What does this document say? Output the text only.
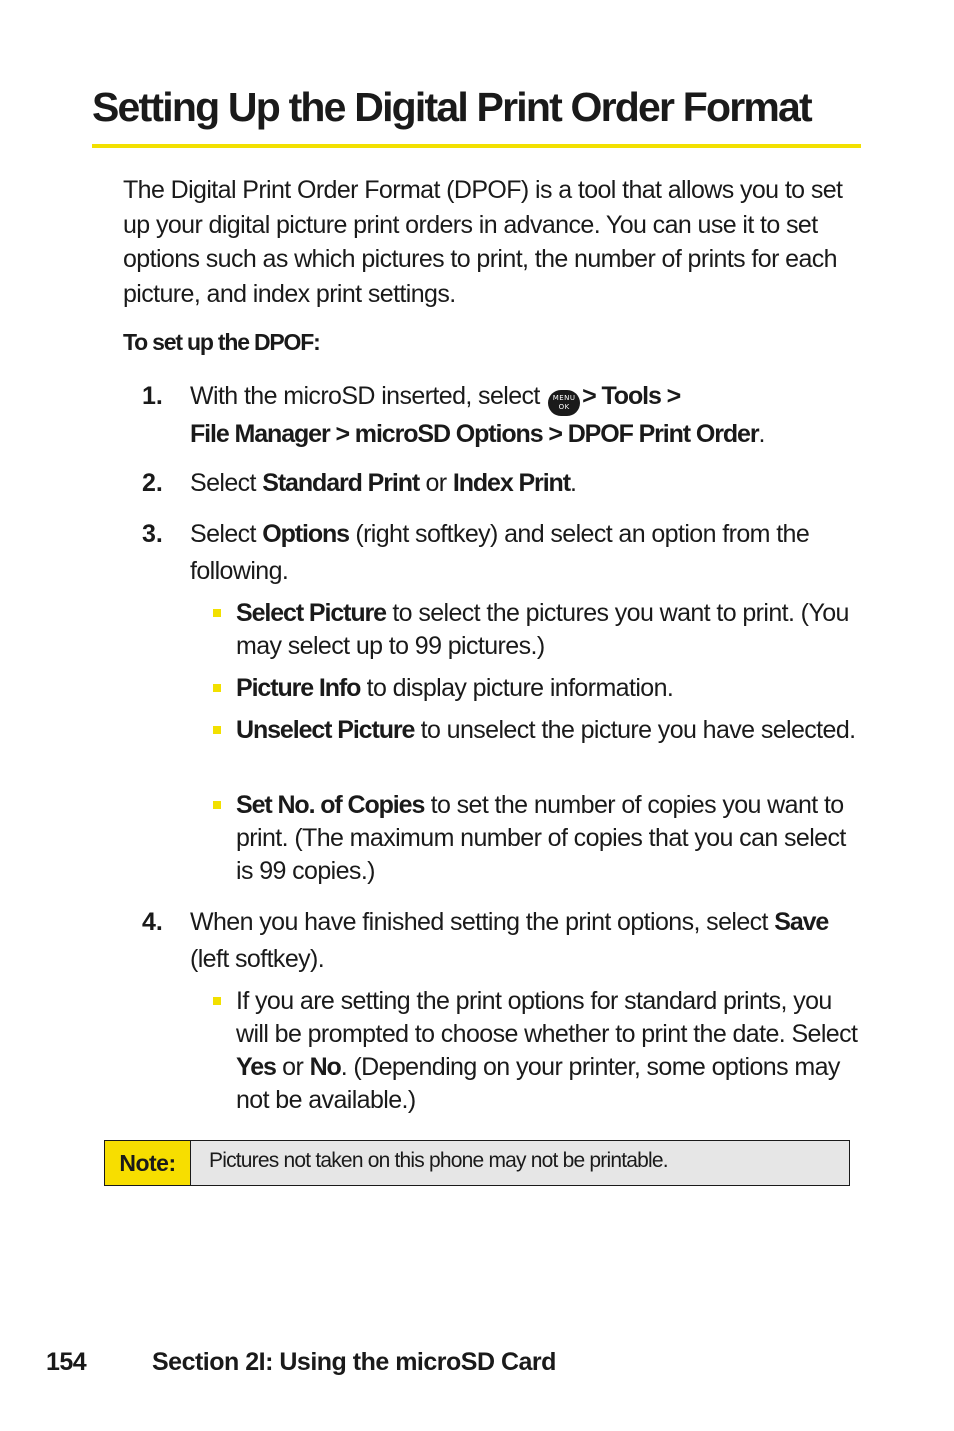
Setting Up the Digital Print Order Format

The Digital Print Order Format (DPOF) is a tool that allows you to set up your digital picture print orders in advance. You can use it to set options such as which pictures to print, the number of prints for each picture, and index print settings.

To set up the DPOF:

1. With the microSD inserted, select	MENU
OK > Tools >
File Manager > microSD Options > DPOF Print Order.
2. Select Standard Print or Index Print.
3. Select Options (right softkey) and select an option from the following.
Select Picture to select the pictures you want to print. (You may select up to 99 pictures.)
Picture Info to display picture information.
Unselect Picture to unselect the picture you have selected.
Set No. of Copies to set the number of copies you want to print. (The maximum number of copies that you can select is 99 copies.)
4. When you have finished setting the print options, select Save (left softkey).
If you are setting the print options for standard prints, you will be prompted to choose whether to print the date. Select Yes or No. (Depending on your printer, some options may not be available.)
Note:	Pictures not taken on this phone may not be printable.
154	Section 2I: Using the microSD Card
